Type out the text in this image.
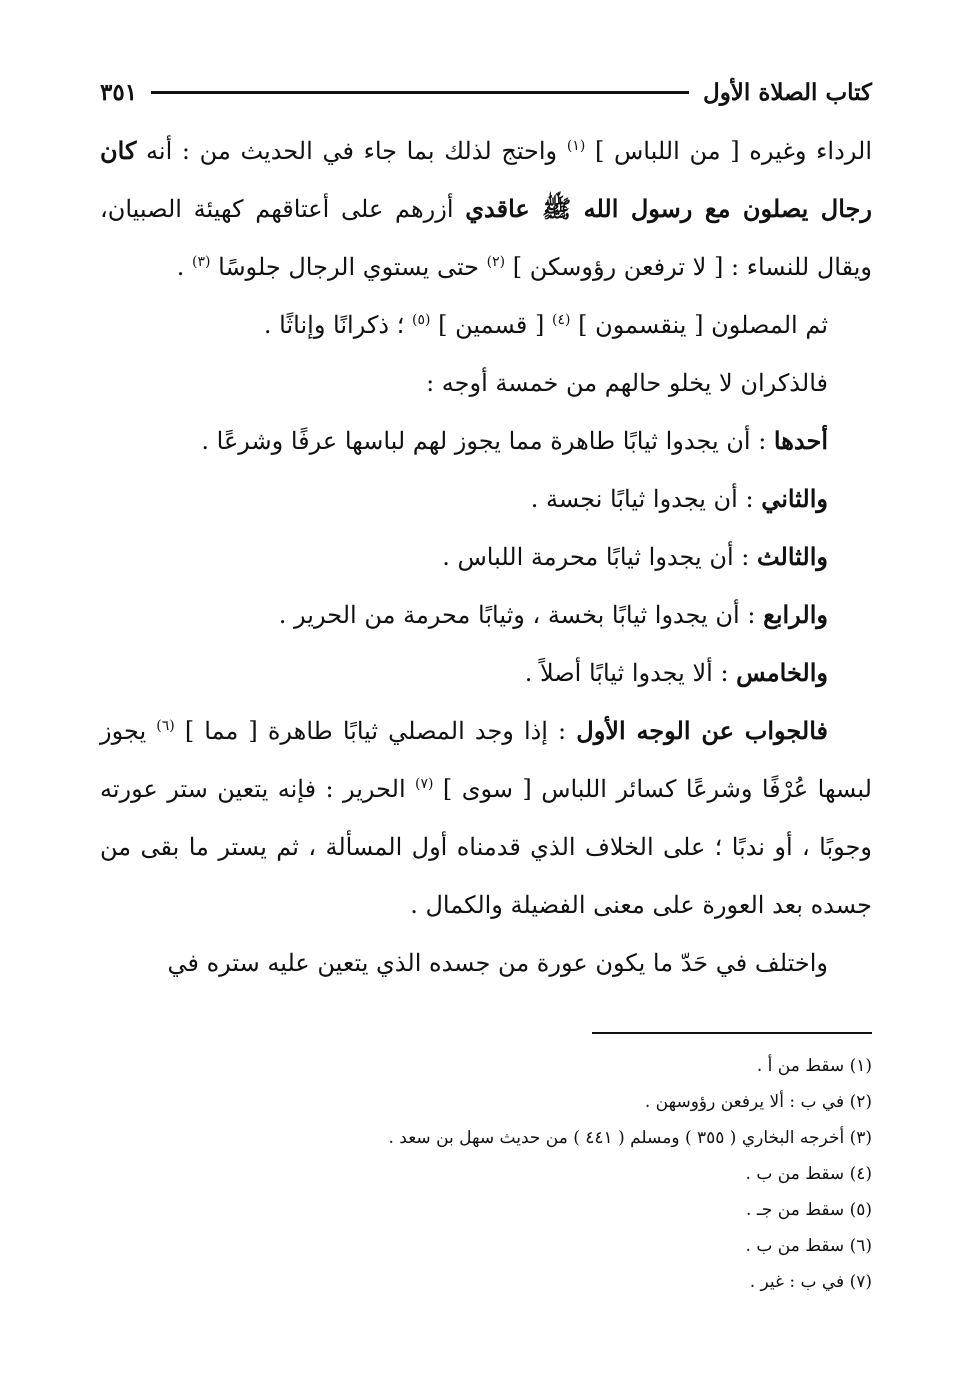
كتاب الصلاة الأول
٣٥١

الرداء وغيره [ من اللباس ] $^{(١)}$ واحتج لذلك بما جاء في الحديث من : أنه كان رجال يصلون مع رسول الله ﷺ عاقدي أزرهم على أعتاقهم كهيئة الصبيان، ويقال للنساء : [ لا ترفعن رؤوسكن ] $^{(٢)}$ حتى يستوي الرجال جلوسًا $^{(٣)}$ .

ثم المصلون [ ينقسمون ] $^{(٤)}$ [ قسمين ] $^{(٥)}$ ؛ ذكرانًا وإناثًا .

فالذكران لا يخلو حالهم من خمسة أوجه :

أحدها : أن يجدوا ثيابًا طاهرة مما يجوز لهم لباسها عرفًا وشرعًا .

والثاني : أن يجدوا ثيابًا نجسة .

والثالث : أن يجدوا ثيابًا محرمة اللباس .

والرابع : أن يجدوا ثيابًا بخسة ، وثيابًا محرمة من الحرير .

والخامس : ألا يجدوا ثيابًا أصلاً .

فالجواب عن الوجه الأول : إذا وجد المصلي ثيابًا طاهرة [ مما ] $^{(٦)}$ يجوز لبسها عُرْفًا وشرعًا كسائر اللباس [ سوى ] $^{(٧)}$ الحرير : فإنه يتعين ستر عورته وجوبًا ، أو ندبًا ؛ على الخلاف الذي قدمناه أول المسألة ، ثم يستر ما بقى من جسده بعد العورة على معنى الفضيلة والكمال .

واختلف في حَدّ ما يكون عورة من جسده الذي يتعين عليه ستره في

(١) سقط من أ .
(٢) في ب : ألا يرفعن رؤوسهن .
(٣) أخرجه البخاري ( ٣٥٥ ) ومسلم ( ٤٤١ ) من حديث سهل بن سعد .
(٤) سقط من ب .
(٥) سقط من جـ .
(٦) سقط من ب .
(٧) في ب : غير .
